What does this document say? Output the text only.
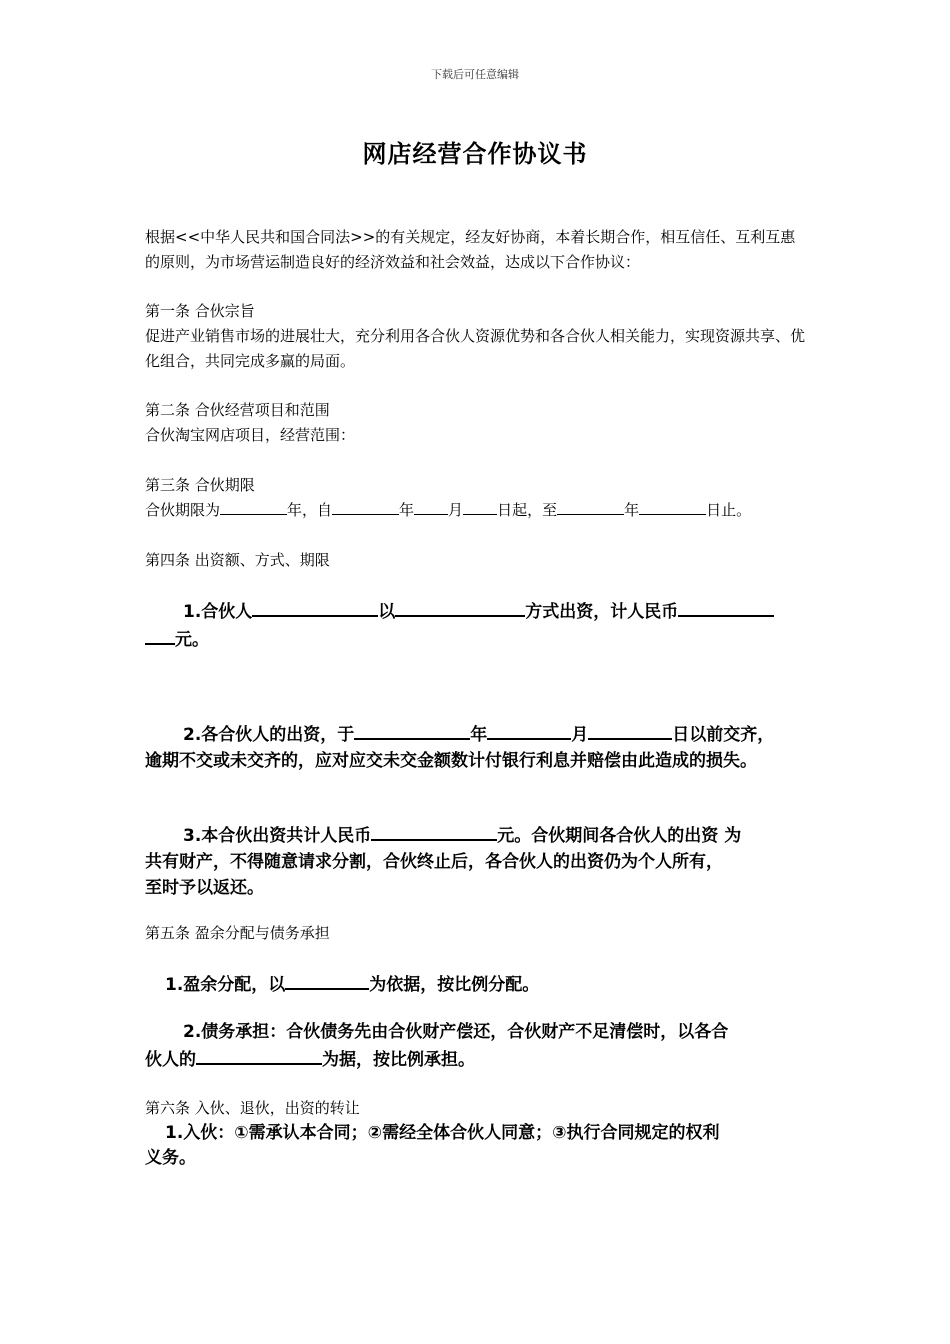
下载后可任意编辑
网店经营合作协议书
根据<<中华人民共和国合同法>>的有关规定，经友好协商，本着长期合作，相互信任、互利互惠的原则，为市场营运制造良好的经济效益和社会效益，达成以下合作协议：
第一条 合伙宗旨
促进产业销售市场的进展壮大，充分利用各合伙人资源优势和各合伙人相关能力，实现资源共享、优化组合，共同完成多赢的局面。
第二条 合伙经营项目和范围
合伙淘宝网店项目，经营范围：
第三条 合伙期限
合伙期限为	年，自	年 月 日起，至	年	日止。
第四条 出资额、方式、期限
1.合伙人	以	方式出资，计人民币
元。
2.各合伙人的出资，于	年	月	日以前交齐，
逾期不交或未交齐的，应对应交未交金额数计付银行利息并赔偿由此造成的损失。
3.本合伙出资共计人民币	元。合伙期间各合伙人的出资 为
共有财产，不得随意请求分割，合伙终止后，各合伙人的出资仍为个人所有，
至时予以返还。
第五条 盈余分配与债务承担
1.盈余分配，以	为依据，按比例分配。
2.债务承担：合伙债务先由合伙财产偿还，合伙财产不足清偿时，以各合
伙人的	为据，按比例承担。
第六条 入伙、退伙，出资的转让
1.入伙：①需承认本合同；②需经全体合伙人同意；③执行合同规定的权利
义务。
